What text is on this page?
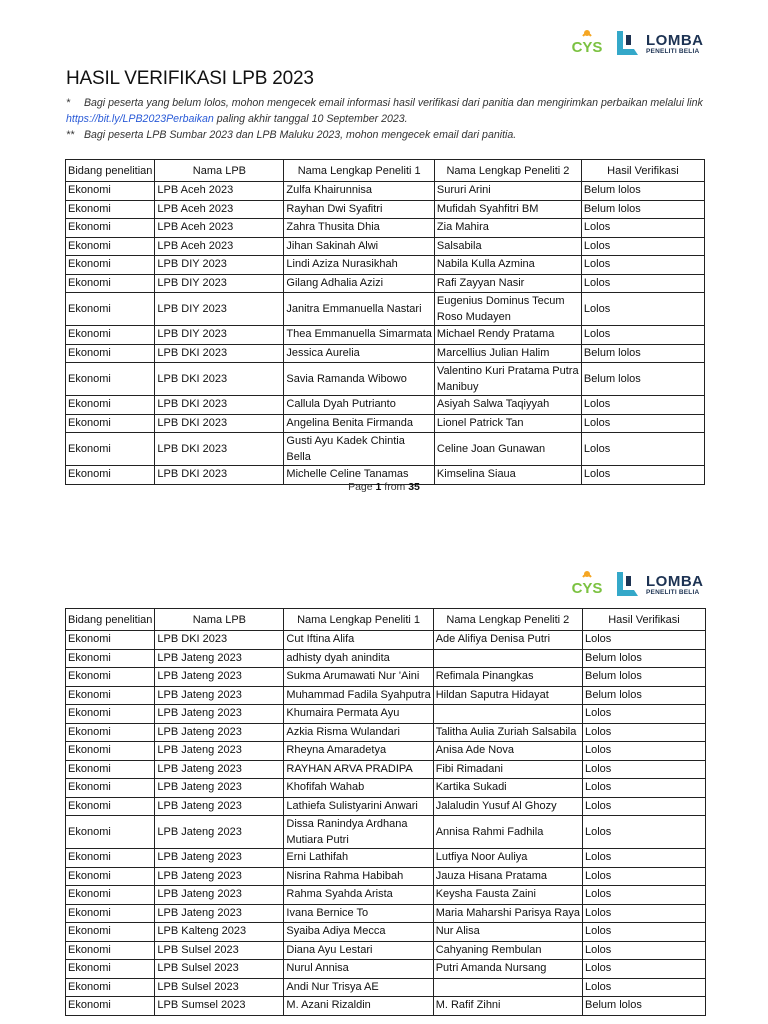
CYS	LOMBA
PENELITI BELIA
HASIL VERIFIKASI LPB 2023
* Bagi peserta yang belum lolos, mohon mengecek email informasi hasil verifikasi dari panitia dan mengirimkan perbaikan melalui link https://bit.ly/LPB2023Perbaikan paling akhir tanggal 10 September 2023.
** Bagi peserta LPB Sumbar 2023 dan LPB Maluku 2023, mohon mengecek email dari panitia.
Bidang penelitian	Nama LPB	Nama Lengkap Peneliti 1	Nama Lengkap Peneliti 2	Hasil Verifikasi
Ekonomi	LPB Aceh 2023	Zulfa Khairunnisa	Sururi Arini	Belum lolos
Ekonomi	LPB Aceh 2023	Rayhan Dwi Syafitri	Mufidah Syahfitri BM	Belum lolos
Ekonomi	LPB Aceh 2023	Zahra Thusita Dhia	Zia Mahira	Lolos
Ekonomi	LPB Aceh 2023	Jihan Sakinah Alwi	Salsabila	Lolos
Ekonomi	LPB DIY 2023	Lindi Aziza Nurasikhah	Nabila Kulla Azmina	Lolos
Ekonomi	LPB DIY 2023	Gilang Adhalia Azizi	Rafi Zayyan Nasir	Lolos
Ekonomi	LPB DIY 2023	Janitra Emmanuella Nastari	Eugenius Dominus Tecum Roso Mudayen	Lolos
Ekonomi	LPB DIY 2023	Thea Emmanuella Simarmata	Michael Rendy Pratama	Lolos
Ekonomi	LPB DKI 2023	Jessica Aurelia	Marcellius Julian Halim	Belum lolos
Ekonomi	LPB DKI 2023	Savia Ramanda Wibowo	Valentino Kuri Pratama Putra Manibuy	Belum lolos
Ekonomi	LPB DKI 2023	Callula Dyah Putrianto	Asiyah Salwa Taqiyyah	Lolos
Ekonomi	LPB DKI 2023	Angelina Benita Firmanda	Lionel Patrick Tan	Lolos
Ekonomi	LPB DKI 2023	Gusti Ayu Kadek Chintia Bella	Celine Joan Gunawan	Lolos
Ekonomi	LPB DKI 2023	Michelle Celine Tanamas	Kimselina Siaua	Lolos
Page 1 from 35
CYS	LOMBA
PENELITI BELIA
Bidang penelitian	Nama LPB	Nama Lengkap Peneliti 1	Nama Lengkap Peneliti 2	Hasil Verifikasi
Ekonomi	LPB DKI 2023	Cut Iftina Alifa	Ade Alifiya Denisa Putri	Lolos
Ekonomi	LPB Jateng 2023	adhisty dyah anindita		Belum lolos
Ekonomi	LPB Jateng 2023	Sukma Arumawati Nur 'Aini	Refimala Pinangkas	Belum lolos
Ekonomi	LPB Jateng 2023	Muhammad Fadila Syahputra	Hildan Saputra Hidayat	Belum lolos
Ekonomi	LPB Jateng 2023	Khumaira Permata Ayu		Lolos
Ekonomi	LPB Jateng 2023	Azkia Risma Wulandari	Talitha Aulia Zuriah Salsabila	Lolos
Ekonomi	LPB Jateng 2023	Rheyna Amaradetya	Anisa Ade Nova	Lolos
Ekonomi	LPB Jateng 2023	RAYHAN ARVA PRADIPA	Fibi Rimadani	Lolos
Ekonomi	LPB Jateng 2023	Khofifah Wahab	Kartika Sukadi	Lolos
Ekonomi	LPB Jateng 2023	Lathiefa Sulistyarini Anwari	Jalaludin Yusuf Al Ghozy	Lolos
Ekonomi	LPB Jateng 2023	Dissa Ranindya Ardhana Mutiara Putri	Annisa Rahmi Fadhila	Lolos
Ekonomi	LPB Jateng 2023	Erni Lathifah	Lutfiya Noor Auliya	Lolos
Ekonomi	LPB Jateng 2023	Nisrina Rahma Habibah	Jauza Hisana Pratama	Lolos
Ekonomi	LPB Jateng 2023	Rahma Syahda Arista	Keysha Fausta Zaini	Lolos
Ekonomi	LPB Jateng 2023	Ivana Bernice To	Maria Maharshi Parisya Raya	Lolos
Ekonomi	LPB Kalteng 2023	Syaiba Adiya Mecca	Nur Alisa	Lolos
Ekonomi	LPB Sulsel 2023	Diana Ayu Lestari	Cahyaning Rembulan	Lolos
Ekonomi	LPB Sulsel 2023	Nurul Annisa	Putri Amanda Nursang	Lolos
Ekonomi	LPB Sulsel 2023	Andi Nur Trisya AE		Lolos
Ekonomi	LPB Sumsel 2023	M. Azani Rizaldin	M. Rafif Zihni	Belum lolos
